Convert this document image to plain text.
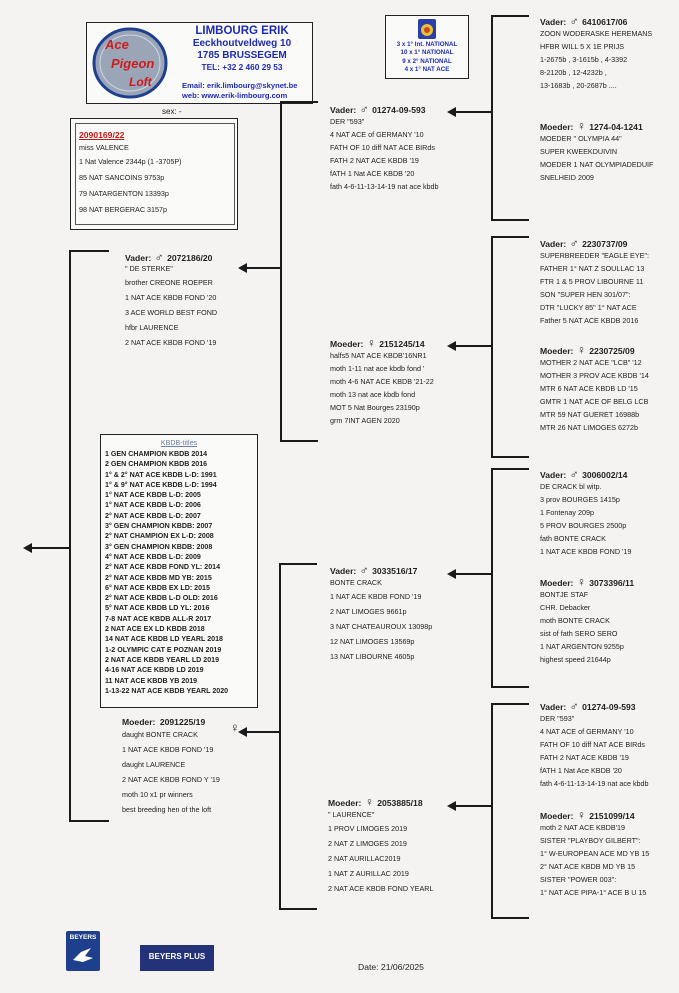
Ace
Pigeon
Loft
LIMBOURG ERIK
Eeckhoutveldweg 10
1785 BRUSSEGEM
TEL: +32 2 460 29 53
Email: erik.limbourg@skynet.be
web: www.erik-limbourg.com
3 x 1° Int. NATIONAL
10 x 1° NATIONAL
9 x 2° NATIONAL
4 x 1° NAT ACE
sex: -
2090169/22
miss VALENCE
1 Nat Valence 2344p (1 -3705P)
85 NAT SANCOINS 9753p
79 NATARGENTON 13393p
98 NAT BERGERAC 3157p
KBDB-titles
1 GEN CHAMPION KBDB 2014
2 GEN CHAMPION KBDB 2016
1° & 2° NAT ACE KBDB L-D: 1991
1° & 9° NAT ACE KBDB L-D: 1994
1° NAT ACE KBDB L-D: 2005
1° NAT ACE KBDB L-D: 2006
2° NAT ACE KBDB L-D: 2007
3° GEN CHAMPION KBDB: 2007
2° NAT CHAMPION EX L-D: 2008
3° GEN CHAMPION KBDB: 2008
4° NAT ACE KBDB L-D: 2009
2° NAT ACE KBDB FOND YL: 2014
2° NAT ACE KBDB MD YB: 2015
6° NAT ACE KBDB EX LD: 2015
2° NAT ACE KBDB L-D OLD: 2016
5° NAT ACE KBDB LD YL: 2016
7-8 NAT ACE KBDB ALL-R 2017
2 NAT ACE EX LD KBDB 2018
14 NAT ACE KBDB LD YEARL 2018
1-2 OLYMPIC CAT E POZNAN 2019
2 NAT ACE KBDB YEARL LD 2019
4-16 NAT ACE KBDB LD 2019
11 NAT ACE KBDB YB 2019
1-13-22 NAT ACE KBDB YEARL 2020
Vader: ♂ 2072186/20
" DE STERKE"
brother CREONE ROEPER
1 NAT ACE KBDB FOND '20
3 ACE WORLD BEST FOND
hfbr LAURENCE
2 NAT ACE KBDB FOND '19
Moeder: 2091225/19
daught BONTE CRACK
1 NAT ACE KBDB FOND '19
daught LAURENCE
2 NAT ACE KBDB FOND Y '19
moth 10 x1 pr winners
best breeding hen of the loft
♀
Vader: ♂ 01274-09-593
DER "593"
4 NAT ACE of GERMANY '10
FATH OF 10 diff NAT ACE BIRds
FATH 2 NAT ACE KBDB '19
fATH 1 Nat ACE KBDB '20
fath 4-6-11-13-14-19 nat ace kbdb
Moeder: ♀ 2151245/14
halfs5 NAT ACE KBDB'16NR1
moth 1-11 nat ace kbdb fond '
moth 4-6 NAT ACE KBDB '21-22
moth 13 nat ace kbdb fond
MOT 5 Nat Bourges 23190p
grm 7INT AGEN 2020
Vader: ♂ 3033516/17
BONTE CRACK
1 NAT ACE KBDB FOND '19
2 NAT LIMOGES 9661p
3 NAT CHATEAUROUX 13098p
12 NAT LIMOGES 13569p
13 NAT LIBOURNE 4605p
Moeder: ♀ 2053885/18
" LAURENCE"
1 PROV LIMOGES 2019
2 NAT Z LIMOGES 2019
2 NAT AURILLAC2019
1 NAT Z AURILLAC 2019
2 NAT ACE KBDB FOND YEARL
Vader: ♂ 6410617/06
ZOON WODERASKE HEREMANS
HFBR WILL 5 X 1E PRIJS
1-2675b , 3-1615b , 4-3392
8-2120b , 12-4232b ,
13-1683b , 20-2687b ....
Moeder: ♀ 1274-04-1241
MOEDER " OLYMPIA 44"
SUPER KWEEKDUIVIN
MOEDER 1 NAT OLYMPIADEDUIF
SNELHEID 2009
Vader: ♂ 2230737/09
SUPERBREEDER "EAGLE EYE":
FATHER 1° NAT Z SOULLAC 13
FTR 1 & 5 PROV LIBOURNE 11
SON "SUPER HEN 301/07":
DTR "LUCKY 85" 1° NAT ACE
Father 5 NAT ACE KBDB 2016
Moeder: ♀ 2230725/09
MOTHER 2 NAT ACE "LCB" '12
MOTHER 3 PROV ACE KBDB '14
MTR 6 NAT ACE KBDB LD '15
GMTR 1 NAT ACE OF BELG LCB
MTR 59 NAT GUERET 16988b
MTR 26 NAT LIMOGES 6272b
Vader: ♂ 3006002/14
DE CRACK bl witp.
3 prov BOURGES 1415p
1 Fontenay 209p
5 PROV BOURGES 2500p
fath BONTE CRACK
1 NAT ACE KBDB FOND '19
Moeder: ♀ 3073396/11
BONTJE STAF
CHR. Debacker
moth BONTE CRACK
sist of fath SERO SERO
1 NAT ARGENTON 9255p
highest speed 21644p
Vader: ♂ 01274-09-593
DER "593"
4 NAT ACE of GERMANY '10
FATH OF 10 diff NAT ACE BIRds
FATH 2 NAT ACE KBDB '19
fATH 1 Nat Ace KBDB '20
fath 4-6-11-13-14-19 nat ace kbdb
Moeder: ♀ 2151099/14
moth 2 NAT ACE KBDB'19
SISTER "PLAYBOY GILBERT":
1° W-EUROPEAN ACE MD YB 15
2° NAT ACE KBDB MD YB 15
SISTER "POWER 003":
1° NAT ACE PIPA-1° ACE B U 15
BEYERS
BEYERS PLUS
Date: 21/06/2025
